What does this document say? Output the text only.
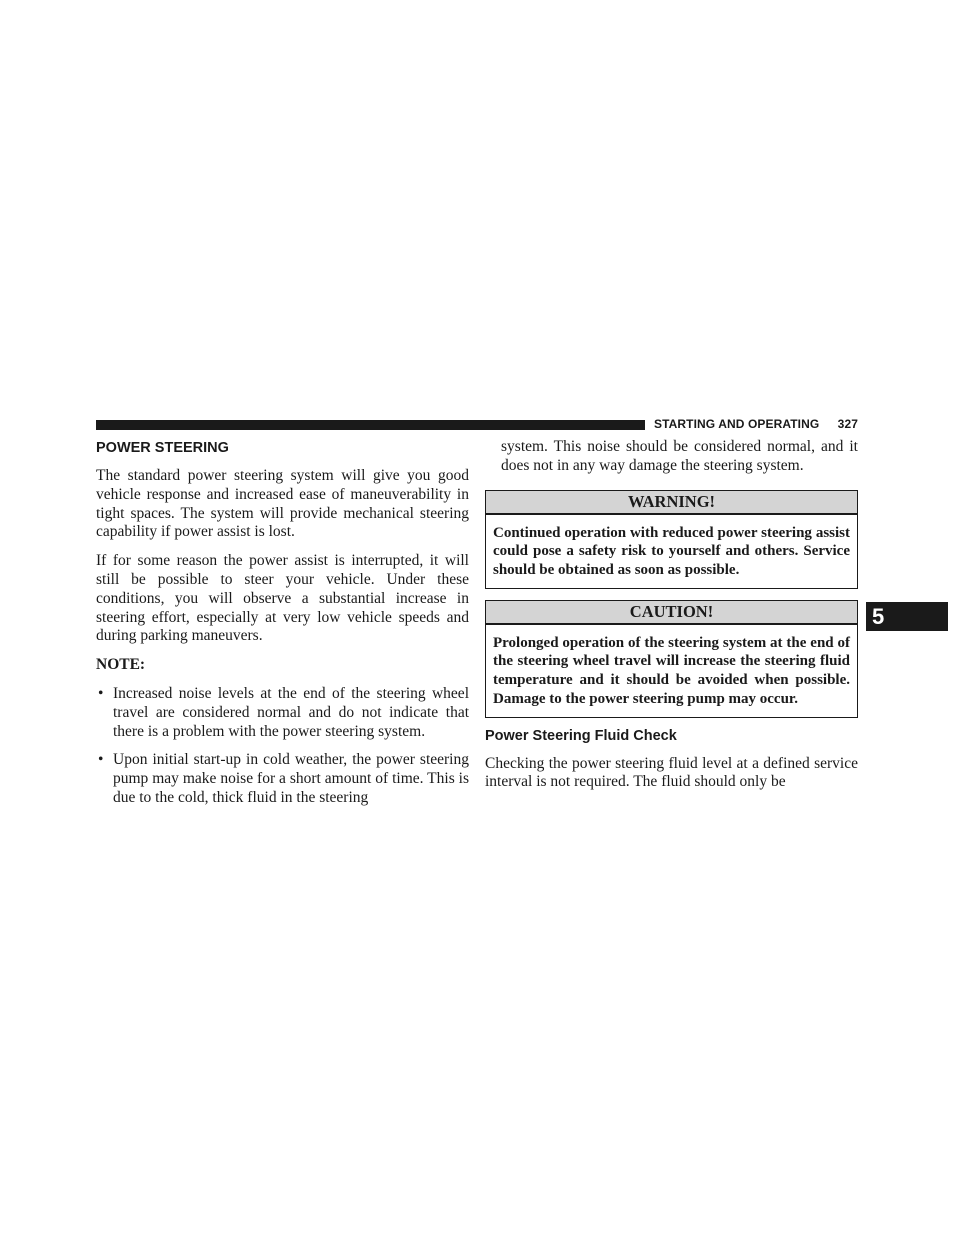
STARTING AND OPERATING 327
POWER STEERING

The standard power steering system will give you good vehicle response and increased ease of maneuverability in tight spaces. The system will provide mechanical steering capability if power assist is lost.

If for some reason the power assist is interrupted, it will still be possible to steer your vehicle. Under these conditions, you will observe a substantial increase in steering effort, especially at very low vehicle speeds and during parking maneuvers.

NOTE:
• Increased noise levels at the end of the steering wheel travel are considered normal and do not indicate that there is a problem with the power steering system.
• Upon initial start-up in cold weather, the power steering pump may make noise for a short amount of time. This is due to the cold, thick fluid in the steering
system. This noise should be considered normal, and it does not in any way damage the steering system.
WARNING!
Continued operation with reduced power steering assist could pose a safety risk to yourself and others. Service should be obtained as soon as possible.
CAUTION!
Prolonged operation of the steering system at the end of the steering wheel travel will increase the steering fluid temperature and it should be avoided when possible. Damage to the power steering pump may occur.
Power Steering Fluid Check

Checking the power steering fluid level at a defined service interval is not required. The fluid should only be

5
